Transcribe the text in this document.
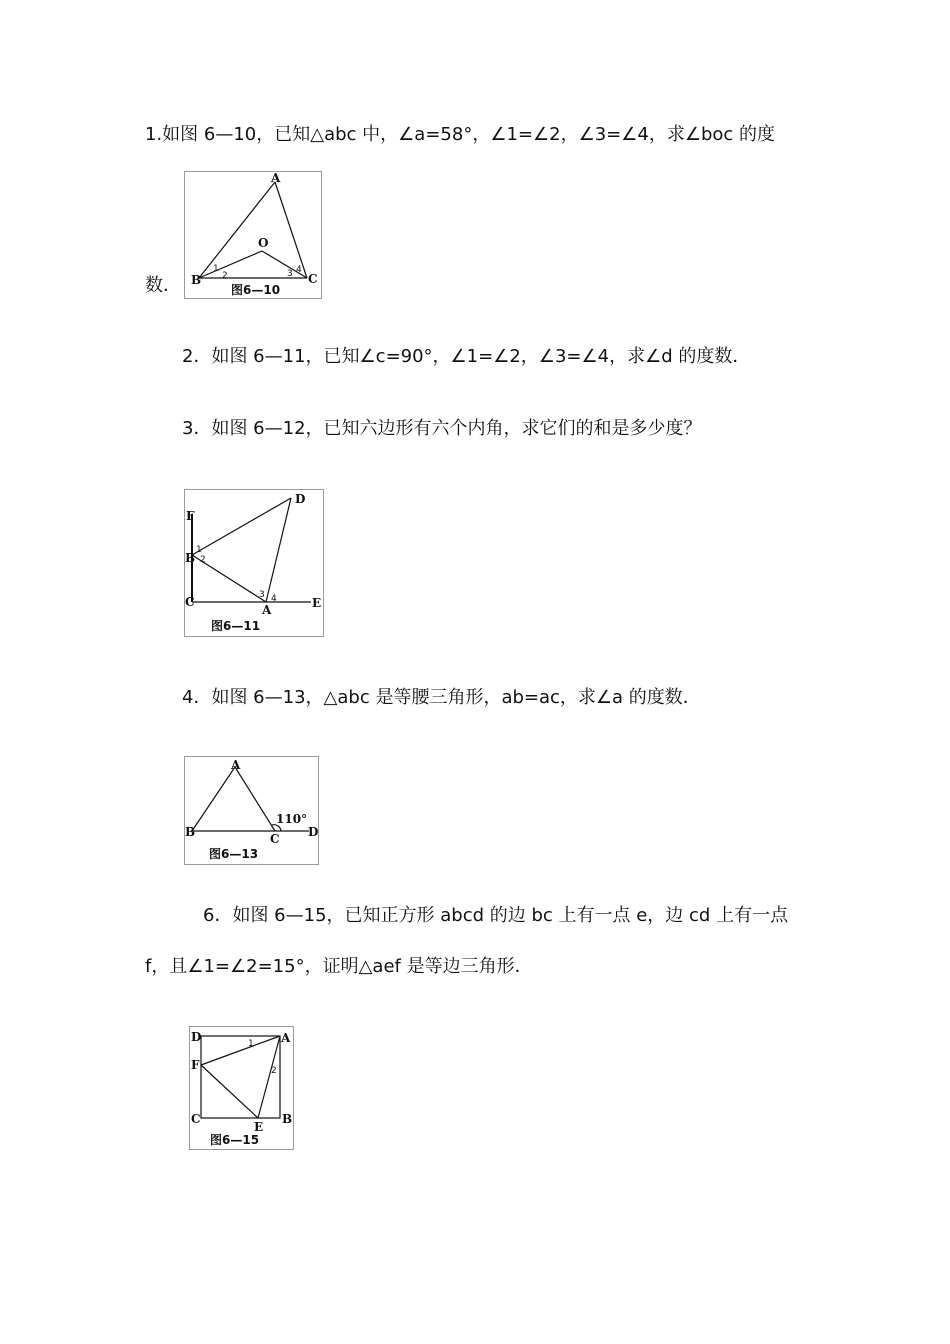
1.如图 6—10，已知△abc 中，∠a=58°，∠1=∠2，∠3=∠4，求∠boc 的度
A
O
B	C
1
2	3 4
图6—10
数．
2．如图 6—11，已知∠c=90°，∠1=∠2，∠3=∠4，求∠d 的度数．
3．如图 6—12，已知六边形有六个内角，求它们的和是多少度？
F
B
C
D
A	E
1
2
3 4
图6—11
4．如图 6—13，△abc 是等腰三角形，ab=ac，求∠a 的度数．
A
B	C D
110°
图6—13
6．如图 6—15，已知正方形 abcd 的边 bc 上有一点 e，边 cd 上有一点
f，且∠1=∠2=15°，证明△aef 是等边三角形．
D	A
F
C	B
E
1
2
图6—15
